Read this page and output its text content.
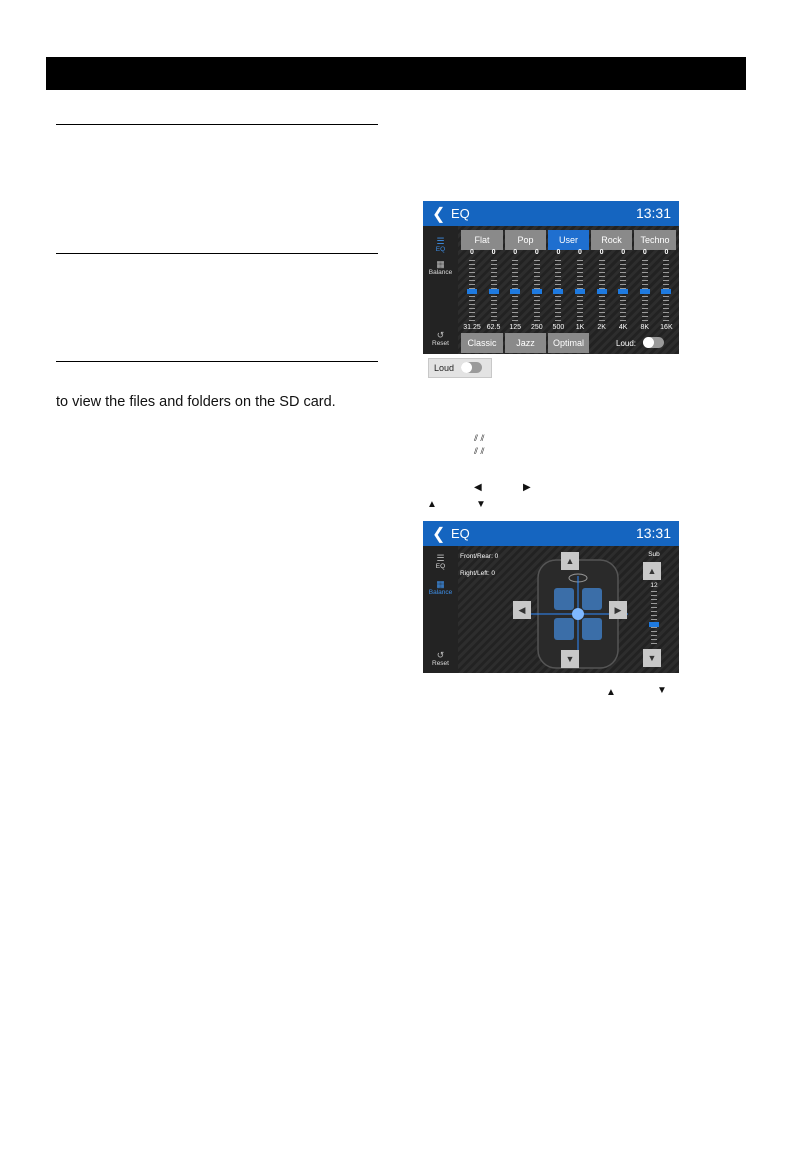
to view the files and folders on the SD card.
❮ EQ	13:31
☰
EQ
▦
Balance
↺
Reset
Flat	Pop	User	Rock	Techno
0
31.25
0
62.5
0
125
0
250
0
500
0
1K
0
2K
0
4K
0
8K
0
16K
Classic	Jazz	Optimal	Loud:
Loud
⫽ ⫽
⫽ ⫽
◀	▶
▲	▼
▲	▼
❮ EQ	13:31
☰
EQ
▦
Balance
↺
Reset
Front/Rear: 0
Right/Left: 0
▲
▼
◀	▶
Sub
▲
12
▼
